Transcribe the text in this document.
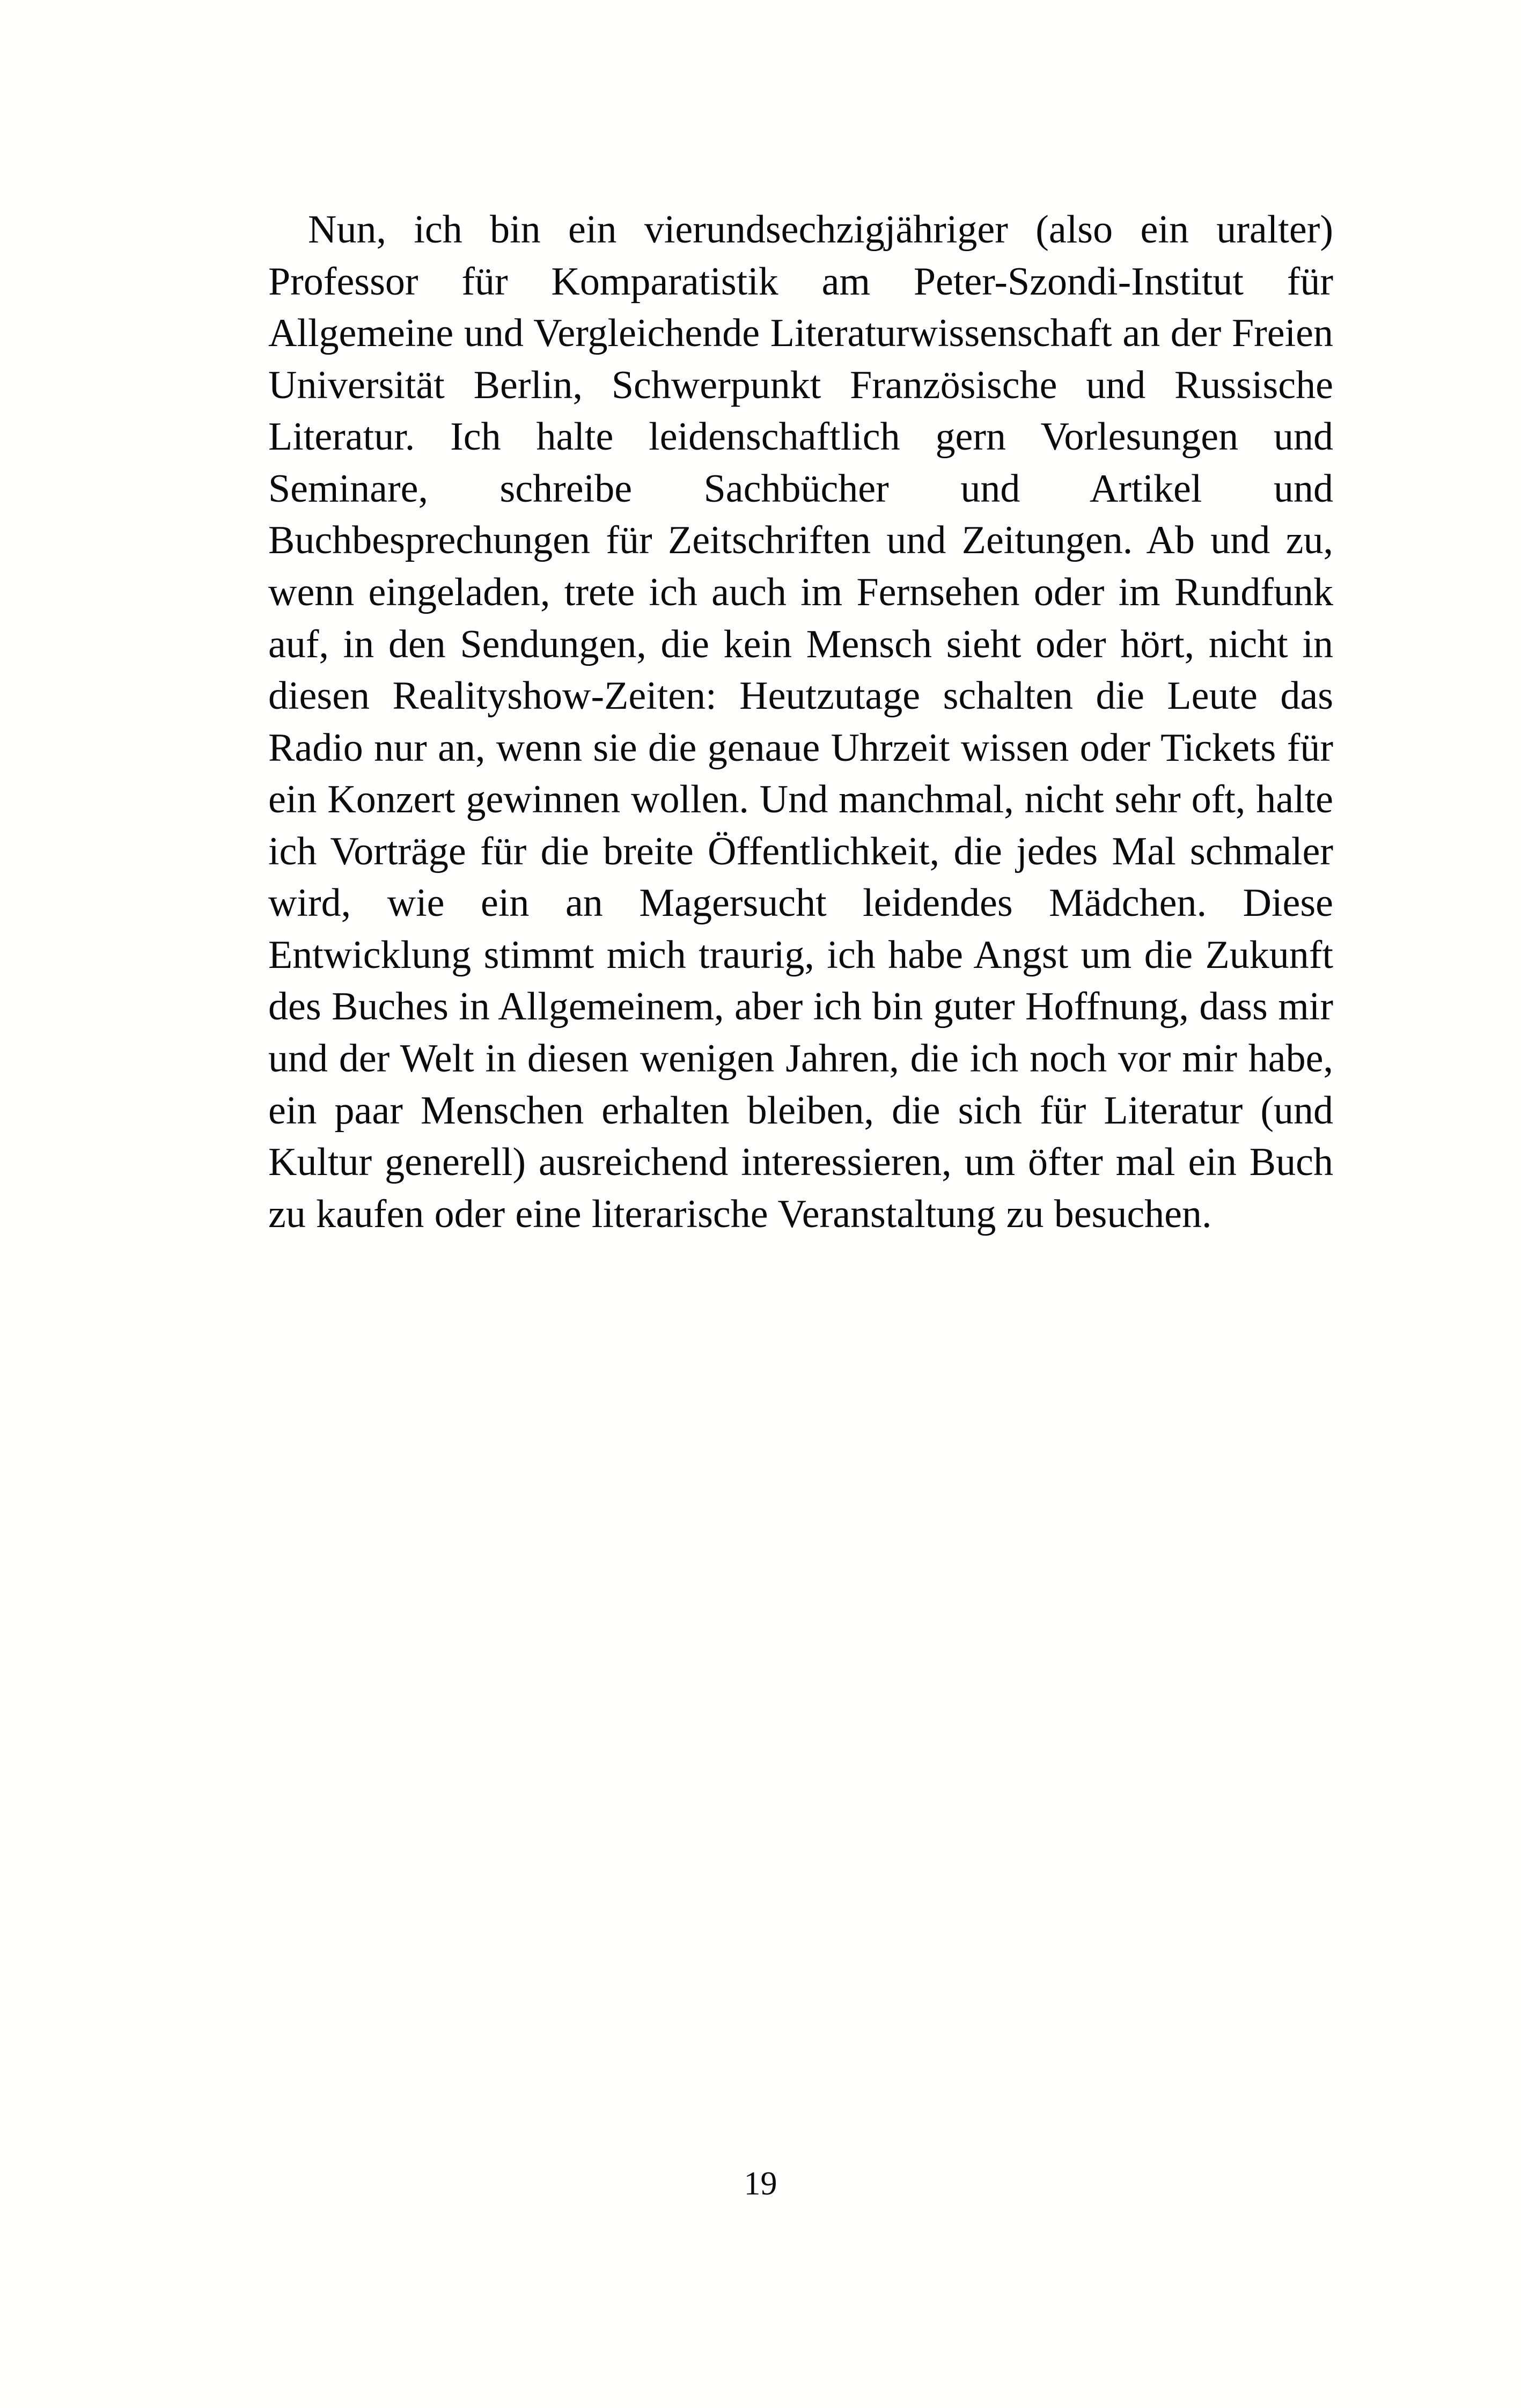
Nun, ich bin ein vierundsechzigjähriger (also ein uralter) Professor für Komparatistik am Peter-Szondi-Institut für Allgemeine und Vergleichende Literaturwissenschaft an der Freien Universität Berlin, Schwerpunkt Französische und Russische Literatur. Ich halte leidenschaftlich gern Vorlesungen und Seminare, schreibe Sachbücher und Artikel und Buchbesprechungen für Zeitschriften und Zeitungen. Ab und zu, wenn eingeladen, trete ich auch im Fernsehen oder im Rundfunk auf, in den Sendungen, die kein Mensch sieht oder hört, nicht in diesen Realityshow-Zeiten: Heutzutage schalten die Leute das Radio nur an, wenn sie die genaue Uhrzeit wissen oder Tickets für ein Konzert gewinnen wollen. Und manchmal, nicht sehr oft, halte ich Vorträge für die breite Öffentlichkeit, die jedes Mal schmaler wird, wie ein an Magersucht leidendes Mädchen. Diese Entwicklung stimmt mich traurig, ich habe Angst um die Zukunft des Buches in Allgemeinem, aber ich bin guter Hoffnung, dass mir und der Welt in diesen wenigen Jahren, die ich noch vor mir habe, ein paar Menschen erhalten bleiben, die sich für Literatur (und Kultur generell) ausreichend interessieren, um öfter mal ein Buch zu kaufen oder eine literarische Veranstaltung zu besuchen.

19
